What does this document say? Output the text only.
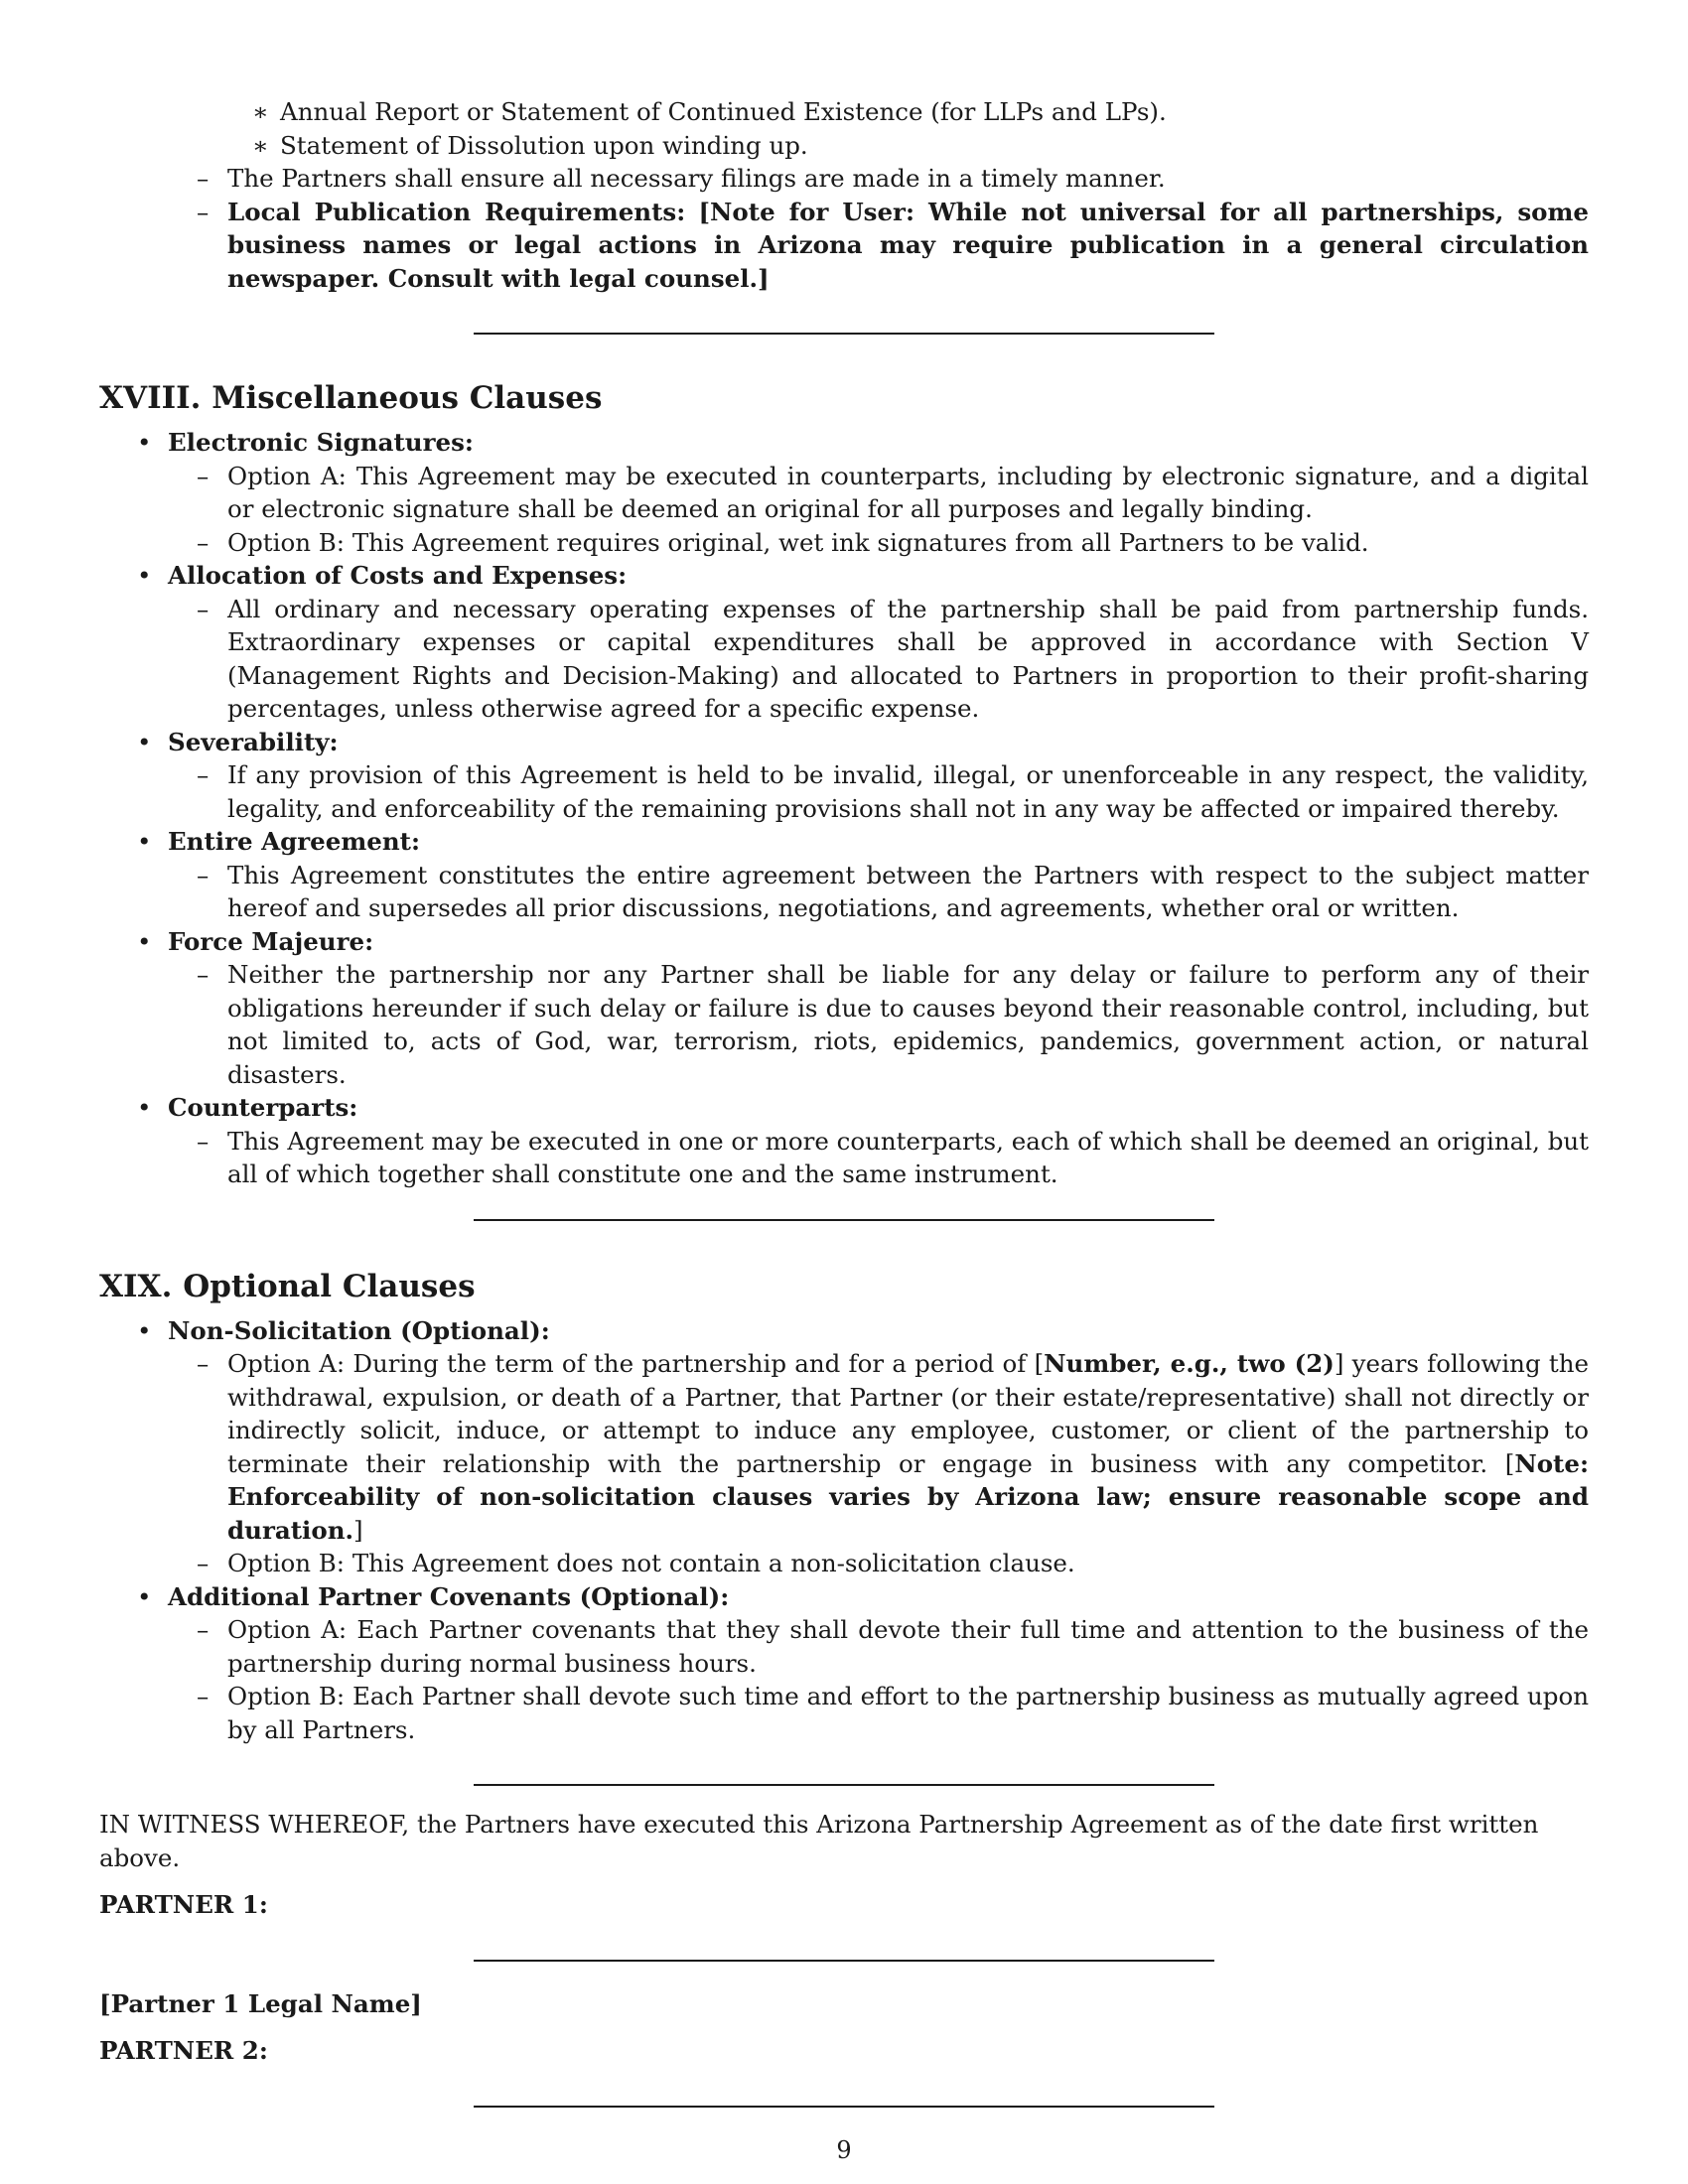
∗ Annual Report or Statement of Continued Existence (for LLPs and LPs).

∗ Statement of Dissolution upon winding up.

– The Partners shall ensure all necessary filings are made in a timely manner.

– Local Publication Requirements: [Note for User: While not universal for all partnerships, some business names or legal actions in Arizona may require publication in a general circulation newspaper. Consult with legal counsel.]

XVIII. Miscellaneous Clauses

• Electronic Signatures:

– Option A: This Agreement may be executed in counterparts, including by electronic signature, and a digital or electronic signature shall be deemed an original for all purposes and legally binding.

– Option B: This Agreement requires original, wet ink signatures from all Partners to be valid.

• Allocation of Costs and Expenses:

– All ordinary and necessary operating expenses of the partnership shall be paid from partnership funds. Extraordinary expenses or capital expenditures shall be approved in accordance with Section V (Management Rights and Decision-Making) and allocated to Partners in proportion to their profit-sharing percentages, unless otherwise agreed for a specific expense.

• Severability:

– If any provision of this Agreement is held to be invalid, illegal, or unenforceable in any respect, the validity, legality, and enforceability of the remaining provisions shall not in any way be affected or impaired thereby.

• Entire Agreement:

– This Agreement constitutes the entire agreement between the Partners with respect to the subject matter hereof and supersedes all prior discussions, negotiations, and agreements, whether oral or written.

• Force Majeure:

– Neither the partnership nor any Partner shall be liable for any delay or failure to perform any of their obligations hereunder if such delay or failure is due to causes beyond their reasonable control, including, but not limited to, acts of God, war, terrorism, riots, epidemics, pandemics, government action, or natural disasters.

• Counterparts:

– This Agreement may be executed in one or more counterparts, each of which shall be deemed an original, but all of which together shall constitute one and the same instrument.

XIX. Optional Clauses

• Non-Solicitation (Optional):

– Option A: During the term of the partnership and for a period of [Number, e.g., two (2)] years following the withdrawal, expulsion, or death of a Partner, that Partner (or their estate/representative) shall not directly or indirectly solicit, induce, or attempt to induce any employee, customer, or client of the partnership to terminate their relationship with the partnership or engage in business with any competitor. [Note: Enforceability of non-solicitation clauses varies by Arizona law; ensure reasonable scope and duration.]

– Option B: This Agreement does not contain a non-solicitation clause.

• Additional Partner Covenants (Optional):

– Option A: Each Partner covenants that they shall devote their full time and attention to the business of the partnership during normal business hours.

– Option B: Each Partner shall devote such time and effort to the partnership business as mutually agreed upon by all Partners.

IN WITNESS WHEREOF, the Partners have executed this Arizona Partnership Agreement as of the date first written above.

PARTNER 1:

[Partner 1 Legal Name]

PARTNER 2:

9
